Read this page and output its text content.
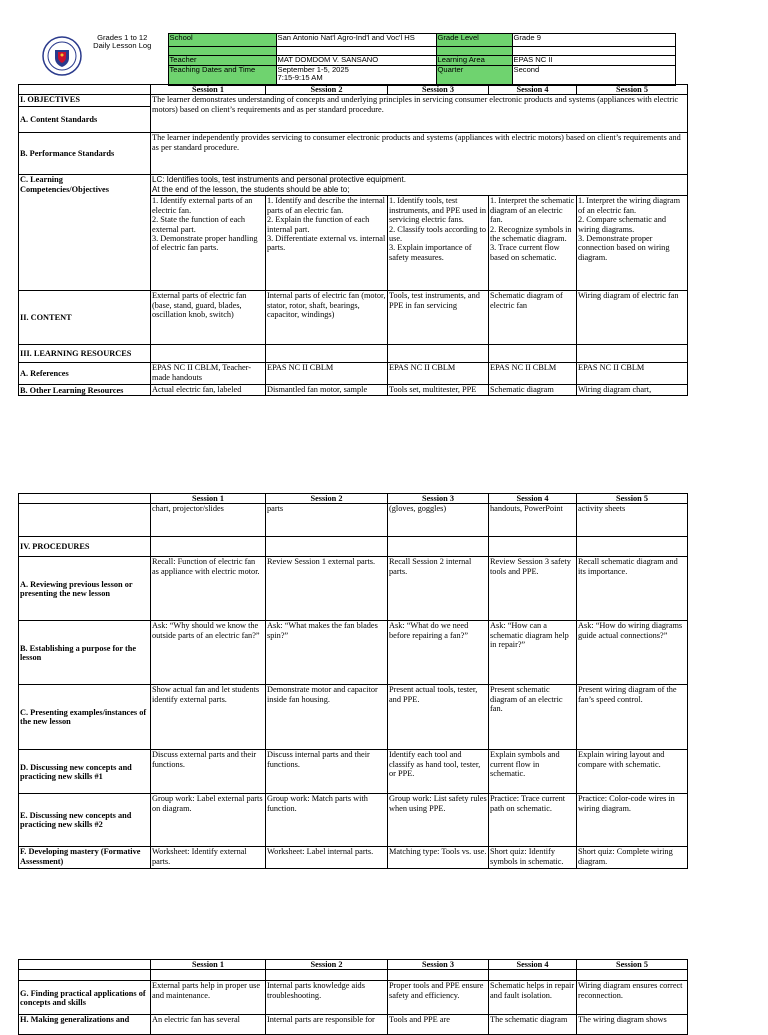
Grades 1 to 12
Daily Lesson Log	School	San Antonio Nat'l Agro-Ind'l and Voc'l HS	Grade Level	Grade 9

	Teacher	MAT DOMDOM V. SANSANO	Learning Area	EPAS NC II
	Teaching Dates and Time	September 1-5, 2025
7:15-9:15 AM	Quarter	Second
	Session 1	Session 2	Session 3	Session 4	Session 5
I. OBJECTIVES	The learner demonstrates understanding of concepts and underlying principles in servicing consumer electronic products and systems (appliances with electric motors) based on client’s requirements and as per standard procedure.				
A. Content Standards					
B. Performance Standards	The learner independently provides servicing to consumer electronic products and systems (appliances with electric motors) based on client’s requirements and as per standard procedure.				
C. Learning Competencies/Objectives	LC: Identifies tools, test instruments and personal protective equipment.
At the end of the lesson, the students should be able to;				
	1. Identify external parts of an electric fan.
2. State the function of each external part.
3. Demonstrate proper handling of electric fan parts.	1. Identify and describe the internal parts of an electric fan.
2. Explain the function of each internal part.
3. Differentiate external vs. internal parts.	1. Identify tools, test instruments, and PPE used in servicing electric fans.
2. Classify tools according to use.
3. Explain importance of safety measures.	1. Interpret the schematic diagram of an electric fan.
2. Recognize symbols in the schematic diagram.
3. Trace current flow based on schematic.	1. Interpret the wiring diagram of an electric fan.
2. Compare schematic and wiring diagrams.
3. Demonstrate proper connection based on wiring diagram.
II. CONTENT	External parts of electric fan (base, stand, guard, blades, oscillation knob, switch)	Internal parts of electric fan (motor, stator, rotor, shaft, bearings, capacitor, windings)	Tools, test instruments, and PPE in fan servicing	Schematic diagram of electric fan	Wiring diagram of electric fan
III. LEARNING RESOURCES					
A. References	EPAS NC II CBLM, Teacher-made handouts	EPAS NC II CBLM	EPAS NC II CBLM	EPAS NC II CBLM	EPAS NC II CBLM
B. Other Learning Resources	Actual electric fan, labeled	Dismantled fan motor, sample	Tools set, multitester, PPE	Schematic diagram	Wiring diagram chart,
	Session 1	Session 2	Session 3	Session 4	Session 5
	chart, projector/slides	parts	(gloves, goggles)	handouts, PowerPoint	activity sheets
IV. PROCEDURES					
A. Reviewing previous lesson or presenting the new lesson	Recall: Function of electric fan as appliance with electric motor.	Review Session 1 external parts.	Recall Session 2 internal parts.	Review Session 3 safety tools and PPE.	Recall schematic diagram and its importance.
B. Establishing a purpose for the lesson	Ask: “Why should we know the outside parts of an electric fan?”	Ask: “What makes the fan blades spin?”	Ask: “What do we need before repairing a fan?”	Ask: “How can a schematic diagram help in repair?”	Ask: “How do wiring diagrams guide actual connections?”
C. Presenting examples/instances of the new lesson	Show actual fan and let students identify external parts.	Demonstrate motor and capacitor inside fan housing.	Present actual tools, tester, and PPE.	Present schematic diagram of an electric fan.	Present wiring diagram of the fan’s speed control.
D. Discussing new concepts and practicing new skills #1	Discuss external parts and their functions.	Discuss internal parts and their functions.	Identify each tool and classify as hand tool, tester, or PPE.	Explain symbols and current flow in schematic.	Explain wiring layout and compare with schematic.
E. Discussing new concepts and practicing new skills #2	Group work: Label external parts on diagram.	Group work: Match parts with function.	Group work: List safety rules when using PPE.	Practice: Trace current path on schematic.	Practice: Color-code wires in wiring diagram.
F. Developing mastery (Formative Assessment)	Worksheet: Identify external parts.	Worksheet: Label internal parts.	Matching type: Tools vs. use.	Short quiz: Identify symbols in schematic.	Short quiz: Complete wiring diagram.
	Session 1	Session 2	Session 3	Session 4	Session 5

G. Finding practical applications of concepts and skills	External parts help in proper use and maintenance.	Internal parts knowledge aids troubleshooting.	Proper tools and PPE ensure safety and efficiency.	Schematic helps in repair and fault isolation.	Wiring diagram ensures correct reconnection.
H. Making generalizations and	An electric fan has several	Internal parts are responsible for	Tools and PPE are	The schematic diagram	The wiring diagram shows
